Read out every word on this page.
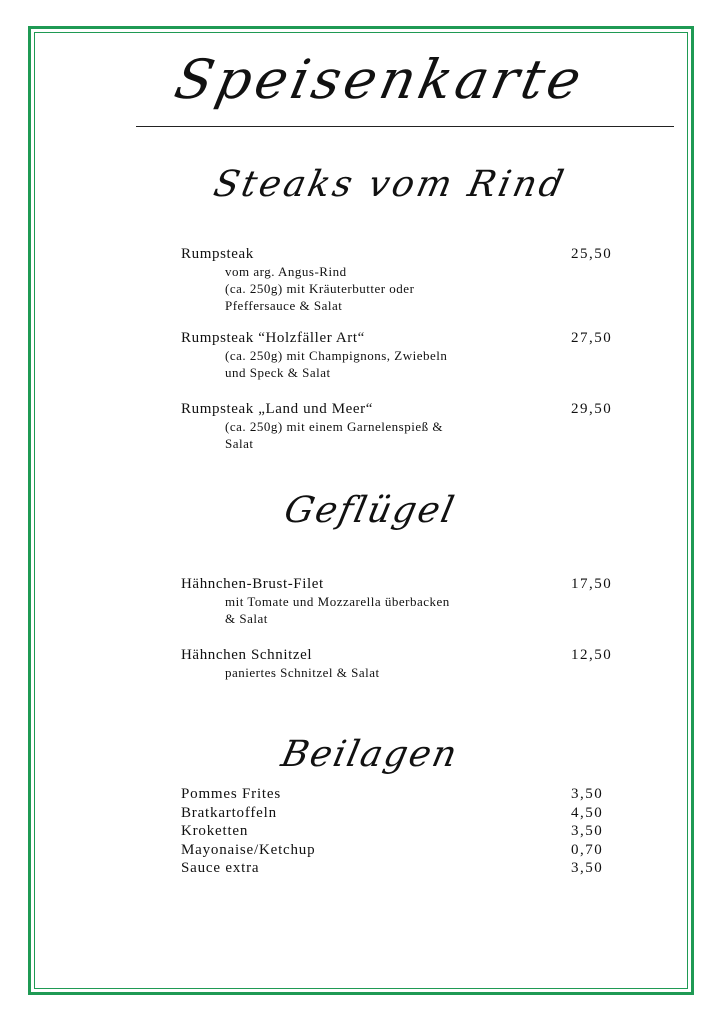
Speisenkarte
Steaks vom Rind
Rumpsteak	25,50
vom arg. Angus-Rind
(ca. 250g) mit Kräuterbutter oder
Pfeffersauce & Salat
Rumpsteak “Holzfäller Art“	27,50
(ca. 250g) mit Champignons, Zwiebeln
und Speck & Salat
Rumpsteak „Land und Meer“	29,50
(ca. 250g) mit einem Garnelenspieß &
Salat
Geflügel
Hähnchen-Brust-Filet	17,50
mit Tomate und Mozzarella überbacken
& Salat
Hähnchen Schnitzel	12,50
paniertes Schnitzel & Salat
Beilagen
Pommes Frites	3,50
Bratkartoffeln	4,50
Kroketten	3,50
Mayonaise/Ketchup	0,70
Sauce extra	3,50
